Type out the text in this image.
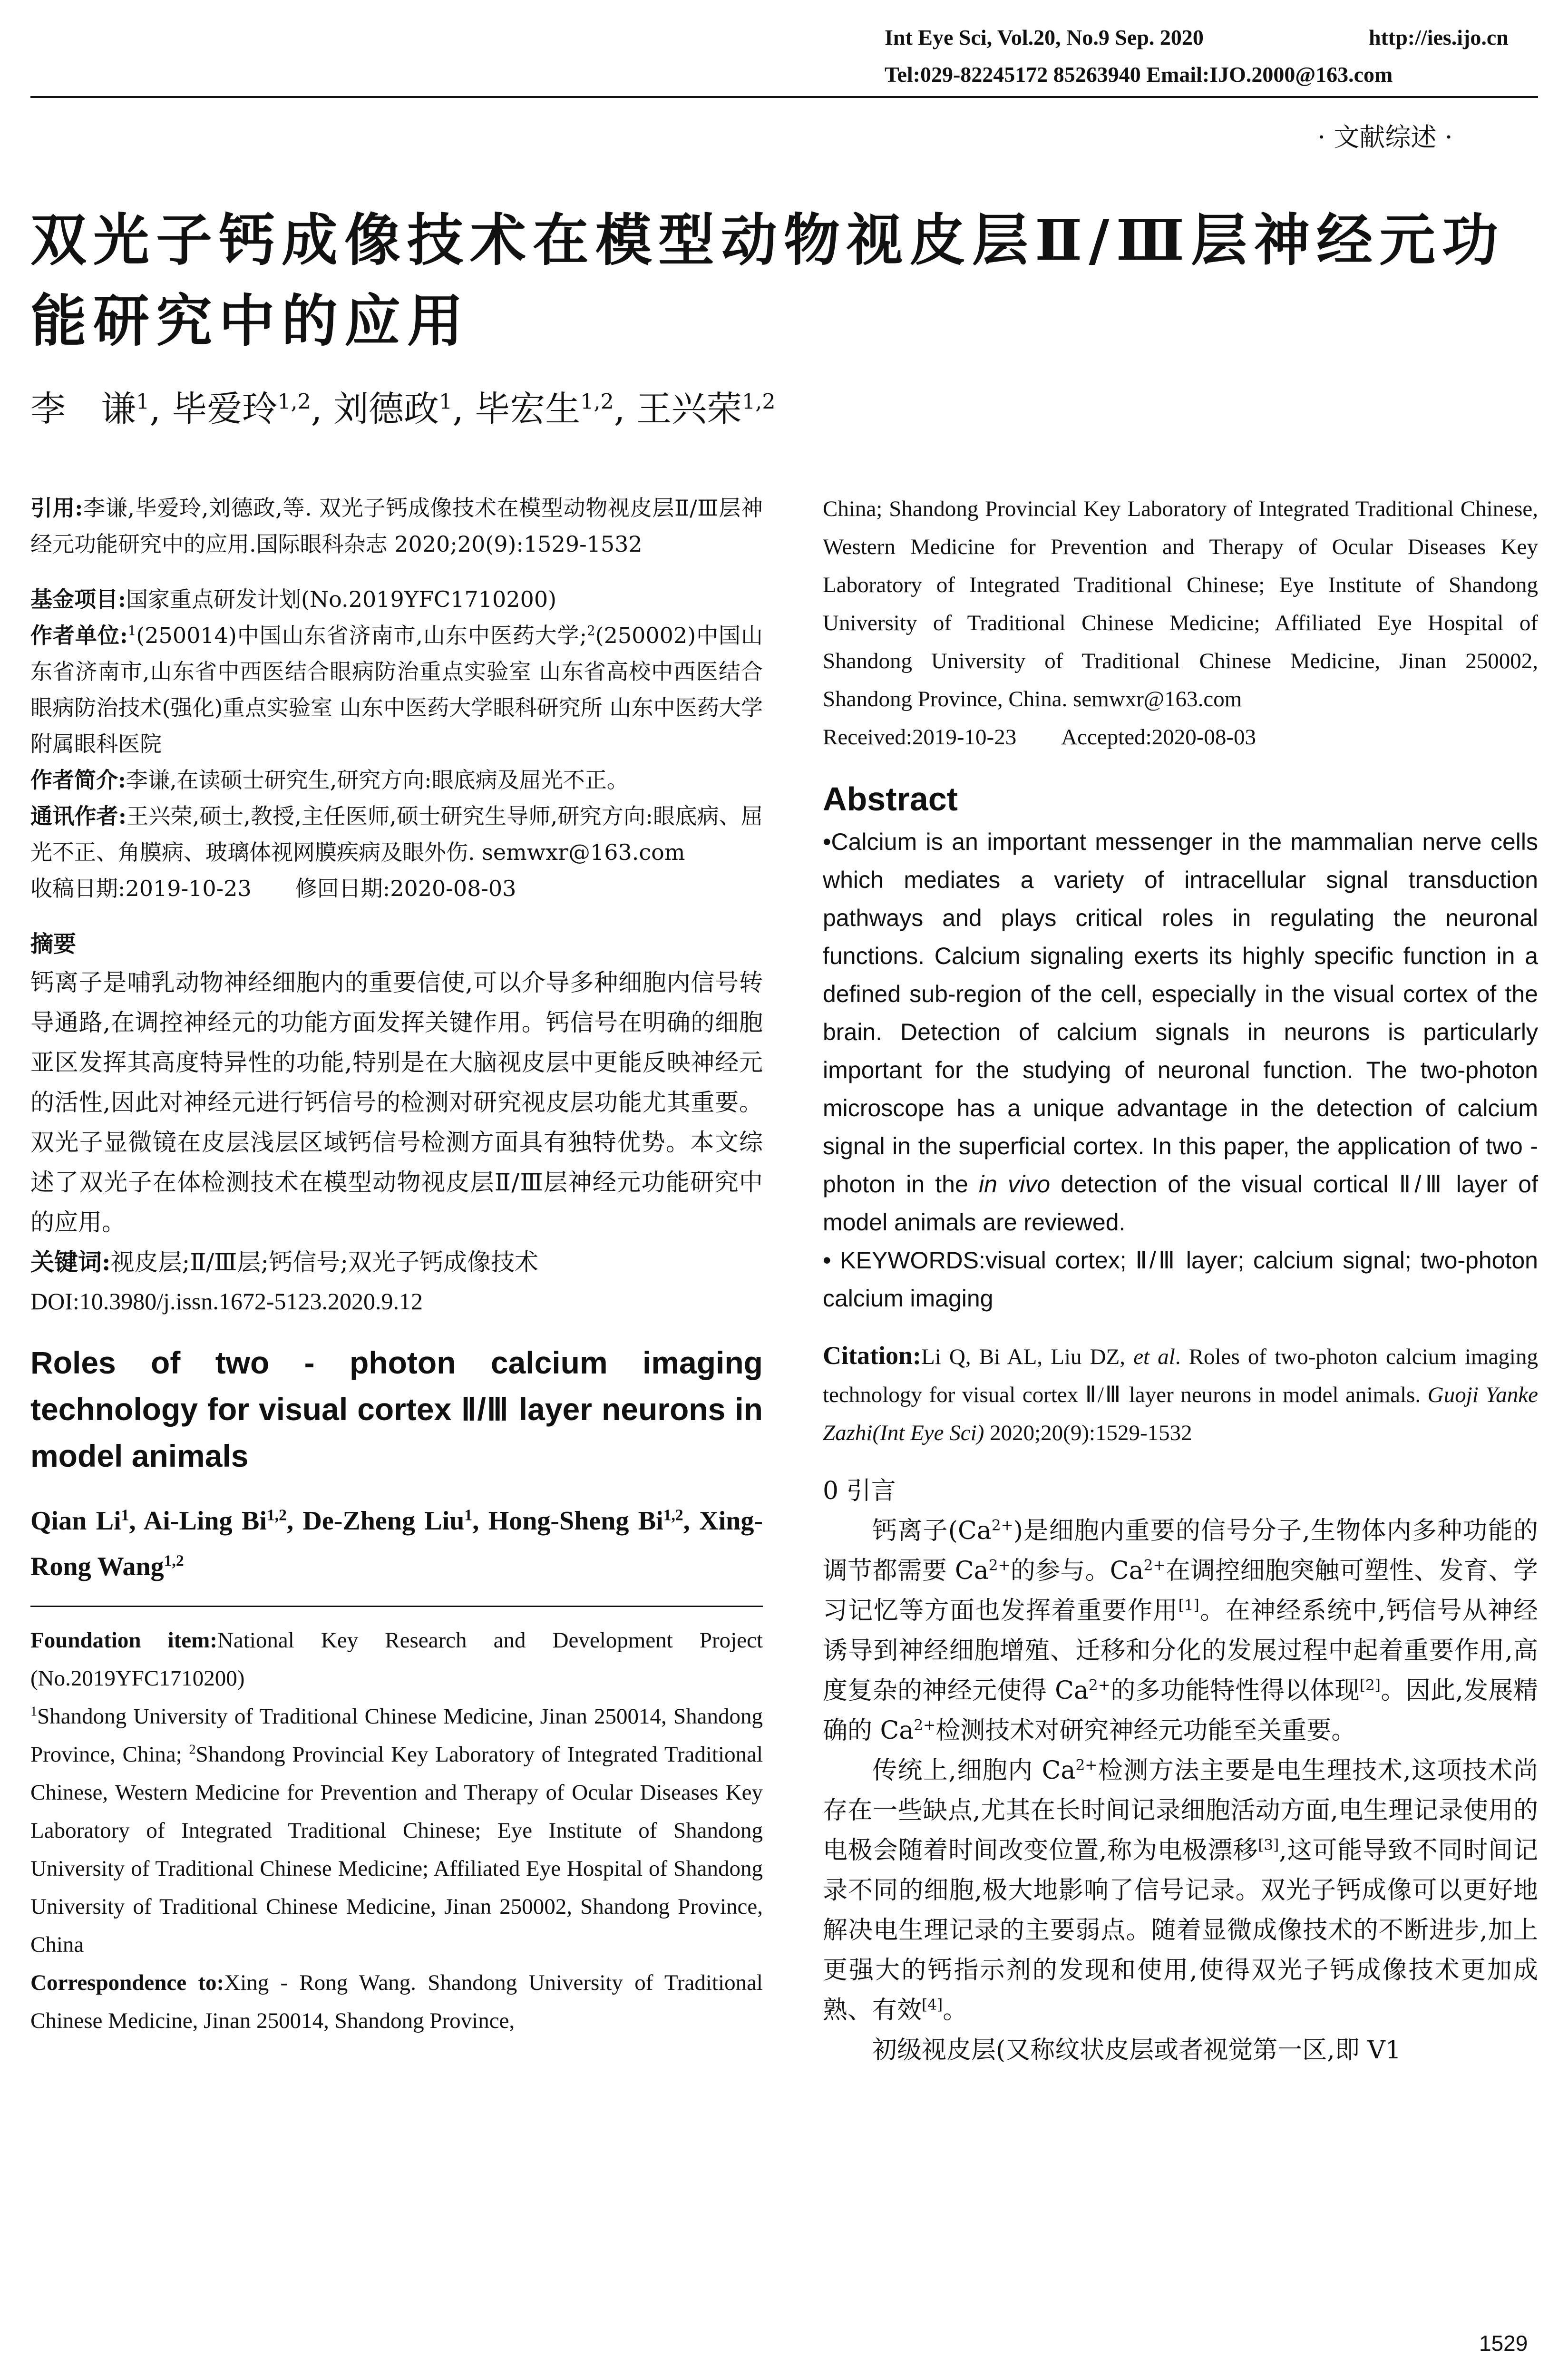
Int Eye Sci, Vol.20, No.9 Sep. 2020	http://ies.ijo.cn
Tel:029-82245172 85263940 Email:IJO.2000@163.com
· 文献综述 ·
双光子钙成像技术在模型动物视皮层Ⅱ/Ⅲ层神经元功能研究中的应用
李　谦$^1$, 毕爱玲$^{1,2}$, 刘德政$^1$, 毕宏生$^{1,2}$, 王兴荣$^{1,2}$

引用:李谦,毕爱玲,刘德政,等. 双光子钙成像技术在模型动物视皮层Ⅱ/Ⅲ层神经元功能研究中的应用.国际眼科杂志 2020;20(9):1529-1532

基金项目:国家重点研发计划(No.2019YFC1710200)

作者单位:$^1$(250014)中国山东省济南市,山东中医药大学;$^2$(250002)中国山东省济南市,山东省中西医结合眼病防治重点实验室 山东省高校中西医结合眼病防治技术(强化)重点实验室 山东中医药大学眼科研究所 山东中医药大学附属眼科医院

作者简介:李谦,在读硕士研究生,研究方向:眼底病及屈光不正。

通讯作者:王兴荣,硕士,教授,主任医师,硕士研究生导师,研究方向:眼底病、屈光不正、角膜病、玻璃体视网膜疾病及眼外伤. semwxr@163.com

收稿日期:2019-10-23　　修回日期:2020-08-03

摘要

钙离子是哺乳动物神经细胞内的重要信使,可以介导多种细胞内信号转导通路,在调控神经元的功能方面发挥关键作用。钙信号在明确的细胞亚区发挥其高度特异性的功能,特别是在大脑视皮层中更能反映神经元的活性,因此对神经元进行钙信号的检测对研究视皮层功能尤其重要。双光子显微镜在皮层浅层区域钙信号检测方面具有独特优势。本文综述了双光子在体检测技术在模型动物视皮层Ⅱ/Ⅲ层神经元功能研究中的应用。

关键词:视皮层;Ⅱ/Ⅲ层;钙信号;双光子钙成像技术

DOI:10.3980/j.issn.1672-5123.2020.9.12

Roles of two - photon calcium imaging technology for visual cortex Ⅱ/Ⅲ layer neurons in model animals

Qian Li$^1$, Ai-Ling Bi$^{1,2}$, De-Zheng Liu$^1$, Hong-Sheng Bi$^{1,2}$, Xing-Rong Wang$^{1,2}$

Foundation item:National Key Research and Development Project (No.2019YFC1710200)

$^1$Shandong University of Traditional Chinese Medicine, Jinan 250014, Shandong Province, China; $^2$Shandong Provincial Key Laboratory of Integrated Traditional Chinese, Western Medicine for Prevention and Therapy of Ocular Diseases Key Laboratory of Integrated Traditional Chinese; Eye Institute of Shandong University of Traditional Chinese Medicine; Affiliated Eye Hospital of Shandong University of Traditional Chinese Medicine, Jinan 250002, Shandong Province, China

Correspondence to:Xing - Rong Wang. Shandong University of Traditional Chinese Medicine, Jinan 250014, Shandong Province,

China; Shandong Provincial Key Laboratory of Integrated Traditional Chinese, Western Medicine for Prevention and Therapy of Ocular Diseases Key Laboratory of Integrated Traditional Chinese; Eye Institute of Shandong University of Traditional Chinese Medicine; Affiliated Eye Hospital of Shandong University of Traditional Chinese Medicine, Jinan 250002, Shandong Province, China. semwxr@163.com

Received:2019-10-23　　Accepted:2020-08-03

Abstract

•Calcium is an important messenger in the mammalian nerve cells which mediates a variety of intracellular signal transduction pathways and plays critical roles in regulating the neuronal functions. Calcium signaling exerts its highly specific function in a defined sub-region of the cell, especially in the visual cortex of the brain. Detection of calcium signals in neurons is particularly important for the studying of neuronal function. The two-photon microscope has a unique advantage in the detection of calcium signal in the superficial cortex. In this paper, the application of two - photon in the in vivo detection of the visual cortical Ⅱ/Ⅲ layer of model animals are reviewed.

• KEYWORDS:visual cortex; Ⅱ/Ⅲ layer; calcium signal; two-photon calcium imaging

Citation:Li Q, Bi AL, Liu DZ, et al. Roles of two-photon calcium imaging technology for visual cortex Ⅱ/Ⅲ layer neurons in model animals. Guoji Yanke Zazhi(Int Eye Sci) 2020;20(9):1529-1532

0 引言

钙离子$(Ca^{2+})$是细胞内重要的信号分子,生物体内多种功能的调节都需要 $Ca^{2+}$的参与。$Ca^{2+}$在调控细胞突触可塑性、发育、学习记忆等方面也发挥着重要作用[1]。在神经系统中,钙信号从神经诱导到神经细胞增殖、迁移和分化的发展过程中起着重要作用,高度复杂的神经元使得 $Ca^{2+}$的多功能特性得以体现[2]。因此,发展精确的 $Ca^{2+}$检测技术对研究神经元功能至关重要。

传统上,细胞内 $Ca^{2+}$检测方法主要是电生理技术,这项技术尚存在一些缺点,尤其在长时间记录细胞活动方面,电生理记录使用的电极会随着时间改变位置,称为电极漂移[3],这可能导致不同时间记录不同的细胞,极大地影响了信号记录。双光子钙成像可以更好地解决电生理记录的主要弱点。随着显微成像技术的不断进步,加上更强大的钙指示剂的发现和使用,使得双光子钙成像技术更加成熟、有效[4]。

初级视皮层(又称纹状皮层或者视觉第一区,即 V1

1529
